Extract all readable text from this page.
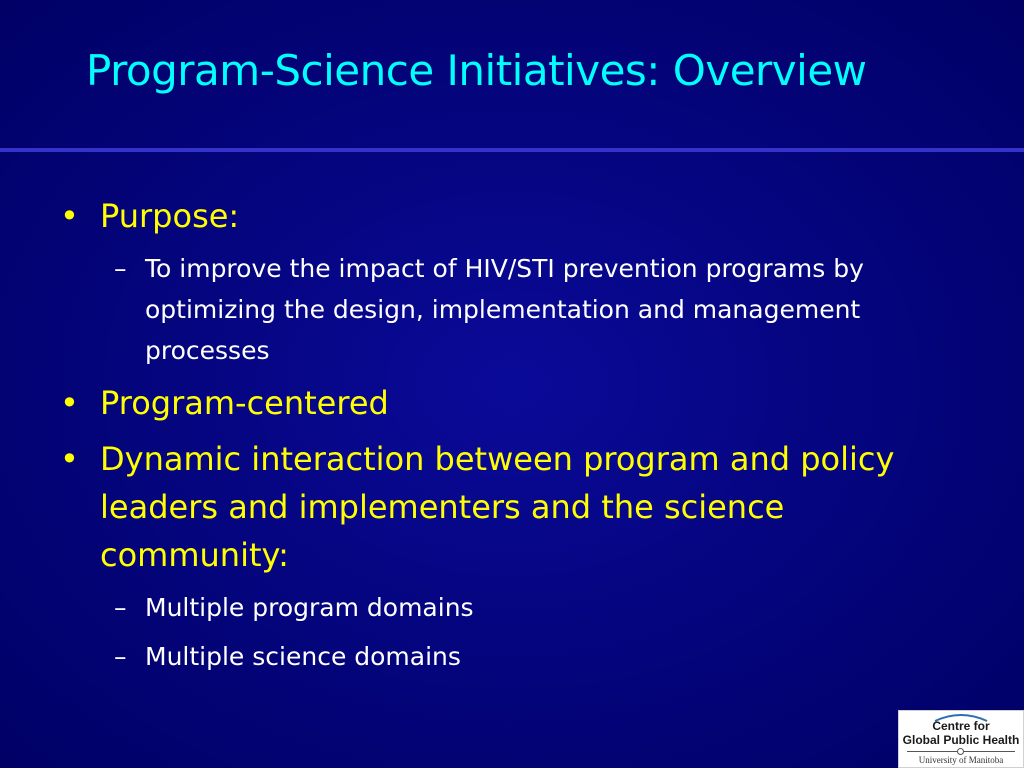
Program-Science Initiatives: Overview
• Purpose:
– To improve the impact of HIV/STI prevention programs by optimizing the design, implementation and management processes
• Program-centered
• Dynamic interaction between program and policy leaders and implementers and the science community:
– Multiple program domains
– Multiple science domains
Centre for
Global Public Health
University of Manitoba
